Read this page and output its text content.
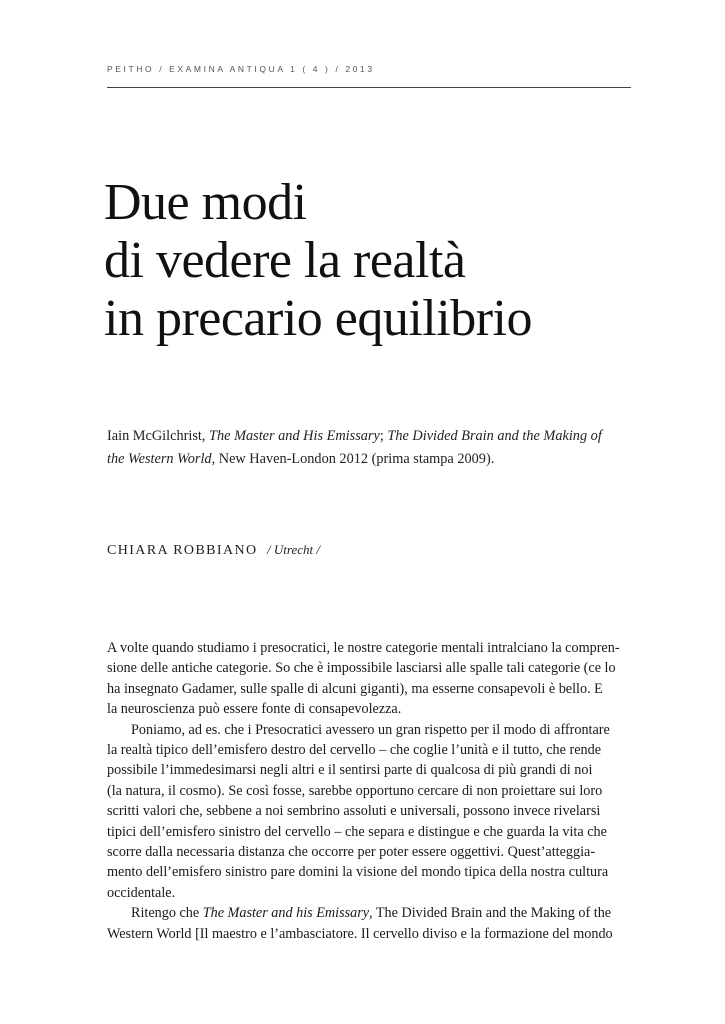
PEITHO / EXAMINA ANTIQUA 1 ( 4 ) / 2013
Due modi
di vedere la realtà
in precario equilibrio

Iain McGilchrist, The Master and His Emissary; The Divided Brain and the Making of
the Western World, New Haven-London 2012 (prima stampa 2009).

CHIARA ROBBIANO / Utrecht /
A volte quando studiamo i presocratici, le nostre categorie mentali intralciano la compren-
sione delle antiche categorie. So che è impossibile lasciarsi alle spalle tali categorie (ce lo
ha insegnato Gadamer, sulle spalle di alcuni giganti), ma esserne consapevoli è bello. E
la neuroscienza può essere fonte di consapevolezza.
Poniamo, ad es. che i Presocratici avessero un gran rispetto per il modo di affrontare
la realtà tipico dell’emisfero destro del cervello – che coglie l’unità e il tutto, che rende
possibile l’immedesimarsi negli altri e il sentirsi parte di qualcosa di più grandi di noi
(la natura, il cosmo). Se così fosse, sarebbe opportuno cercare di non proiettare sui loro
scritti valori che, sebbene a noi sembrino assoluti e universali, possono invece rivelarsi
tipici dell’emisfero sinistro del cervello – che separa e distingue e che guarda la vita che
scorre dalla necessaria distanza che occorre per poter essere oggettivi. Quest’atteggia-
mento dell’emisfero sinistro pare domini la visione del mondo tipica della nostra cultura
occidentale.
Ritengo che The Master and his Emissary, The Divided Brain and the Making of the
Western World [Il maestro e l’ambasciatore. Il cervello diviso e la formazione del mondo
